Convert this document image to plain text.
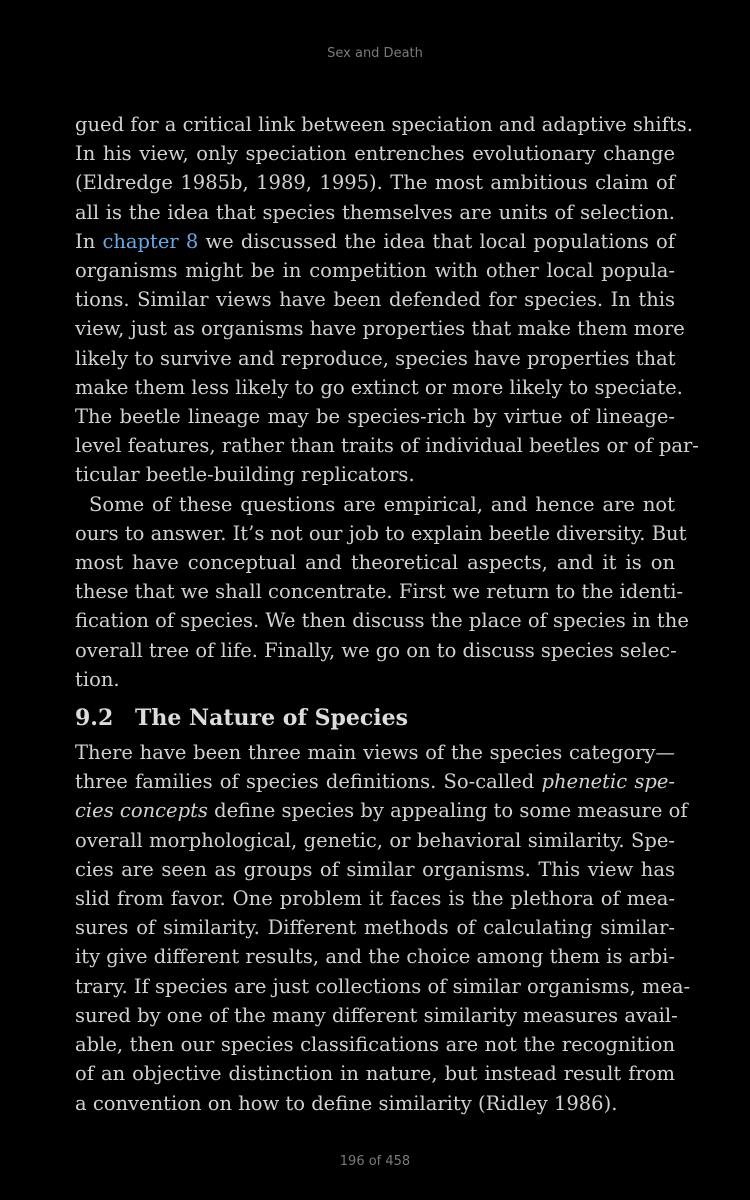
Sex and Death
gued for a critical link between speciation and adaptive shifts.
In his view, only speciation entrenches evolutionary change
(Eldredge 1985b, 1989, 1995). The most ambitious claim of
all is the idea that species themselves are units of selection.
In chapter 8 we discussed the idea that local populations of
organisms might be in competition with other local popula-
tions. Similar views have been defended for species. In this
view, just as organisms have properties that make them more
likely to survive and reproduce, species have properties that
make them less likely to go extinct or more likely to speciate.
The beetle lineage may be species-rich by virtue of lineage-
level features, rather than traits of individual beetles or of par-
ticular beetle-building replicators.
Some of these questions are empirical, and hence are not
ours to answer. It’s not our job to explain beetle diversity. But
most have conceptual and theoretical aspects, and it is on
these that we shall concentrate. First we return to the identi-
fication of species. We then discuss the place of species in the
overall tree of life. Finally, we go on to discuss species selec-
tion.
9.2 The Nature of Species
There have been three main views of the species category—
three families of species definitions. So-called phenetic spe-
cies concepts define species by appealing to some measure of
overall morphological, genetic, or behavioral similarity. Spe-
cies are seen as groups of similar organisms. This view has
slid from favor. One problem it faces is the plethora of mea-
sures of similarity. Different methods of calculating similar-
ity give different results, and the choice among them is arbi-
trary. If species are just collections of similar organisms, mea-
sured by one of the many different similarity measures avail-
able, then our species classifications are not the recognition
of an objective distinction in nature, but instead result from
a convention on how to define similarity (Ridley 1986).
196 of 458
